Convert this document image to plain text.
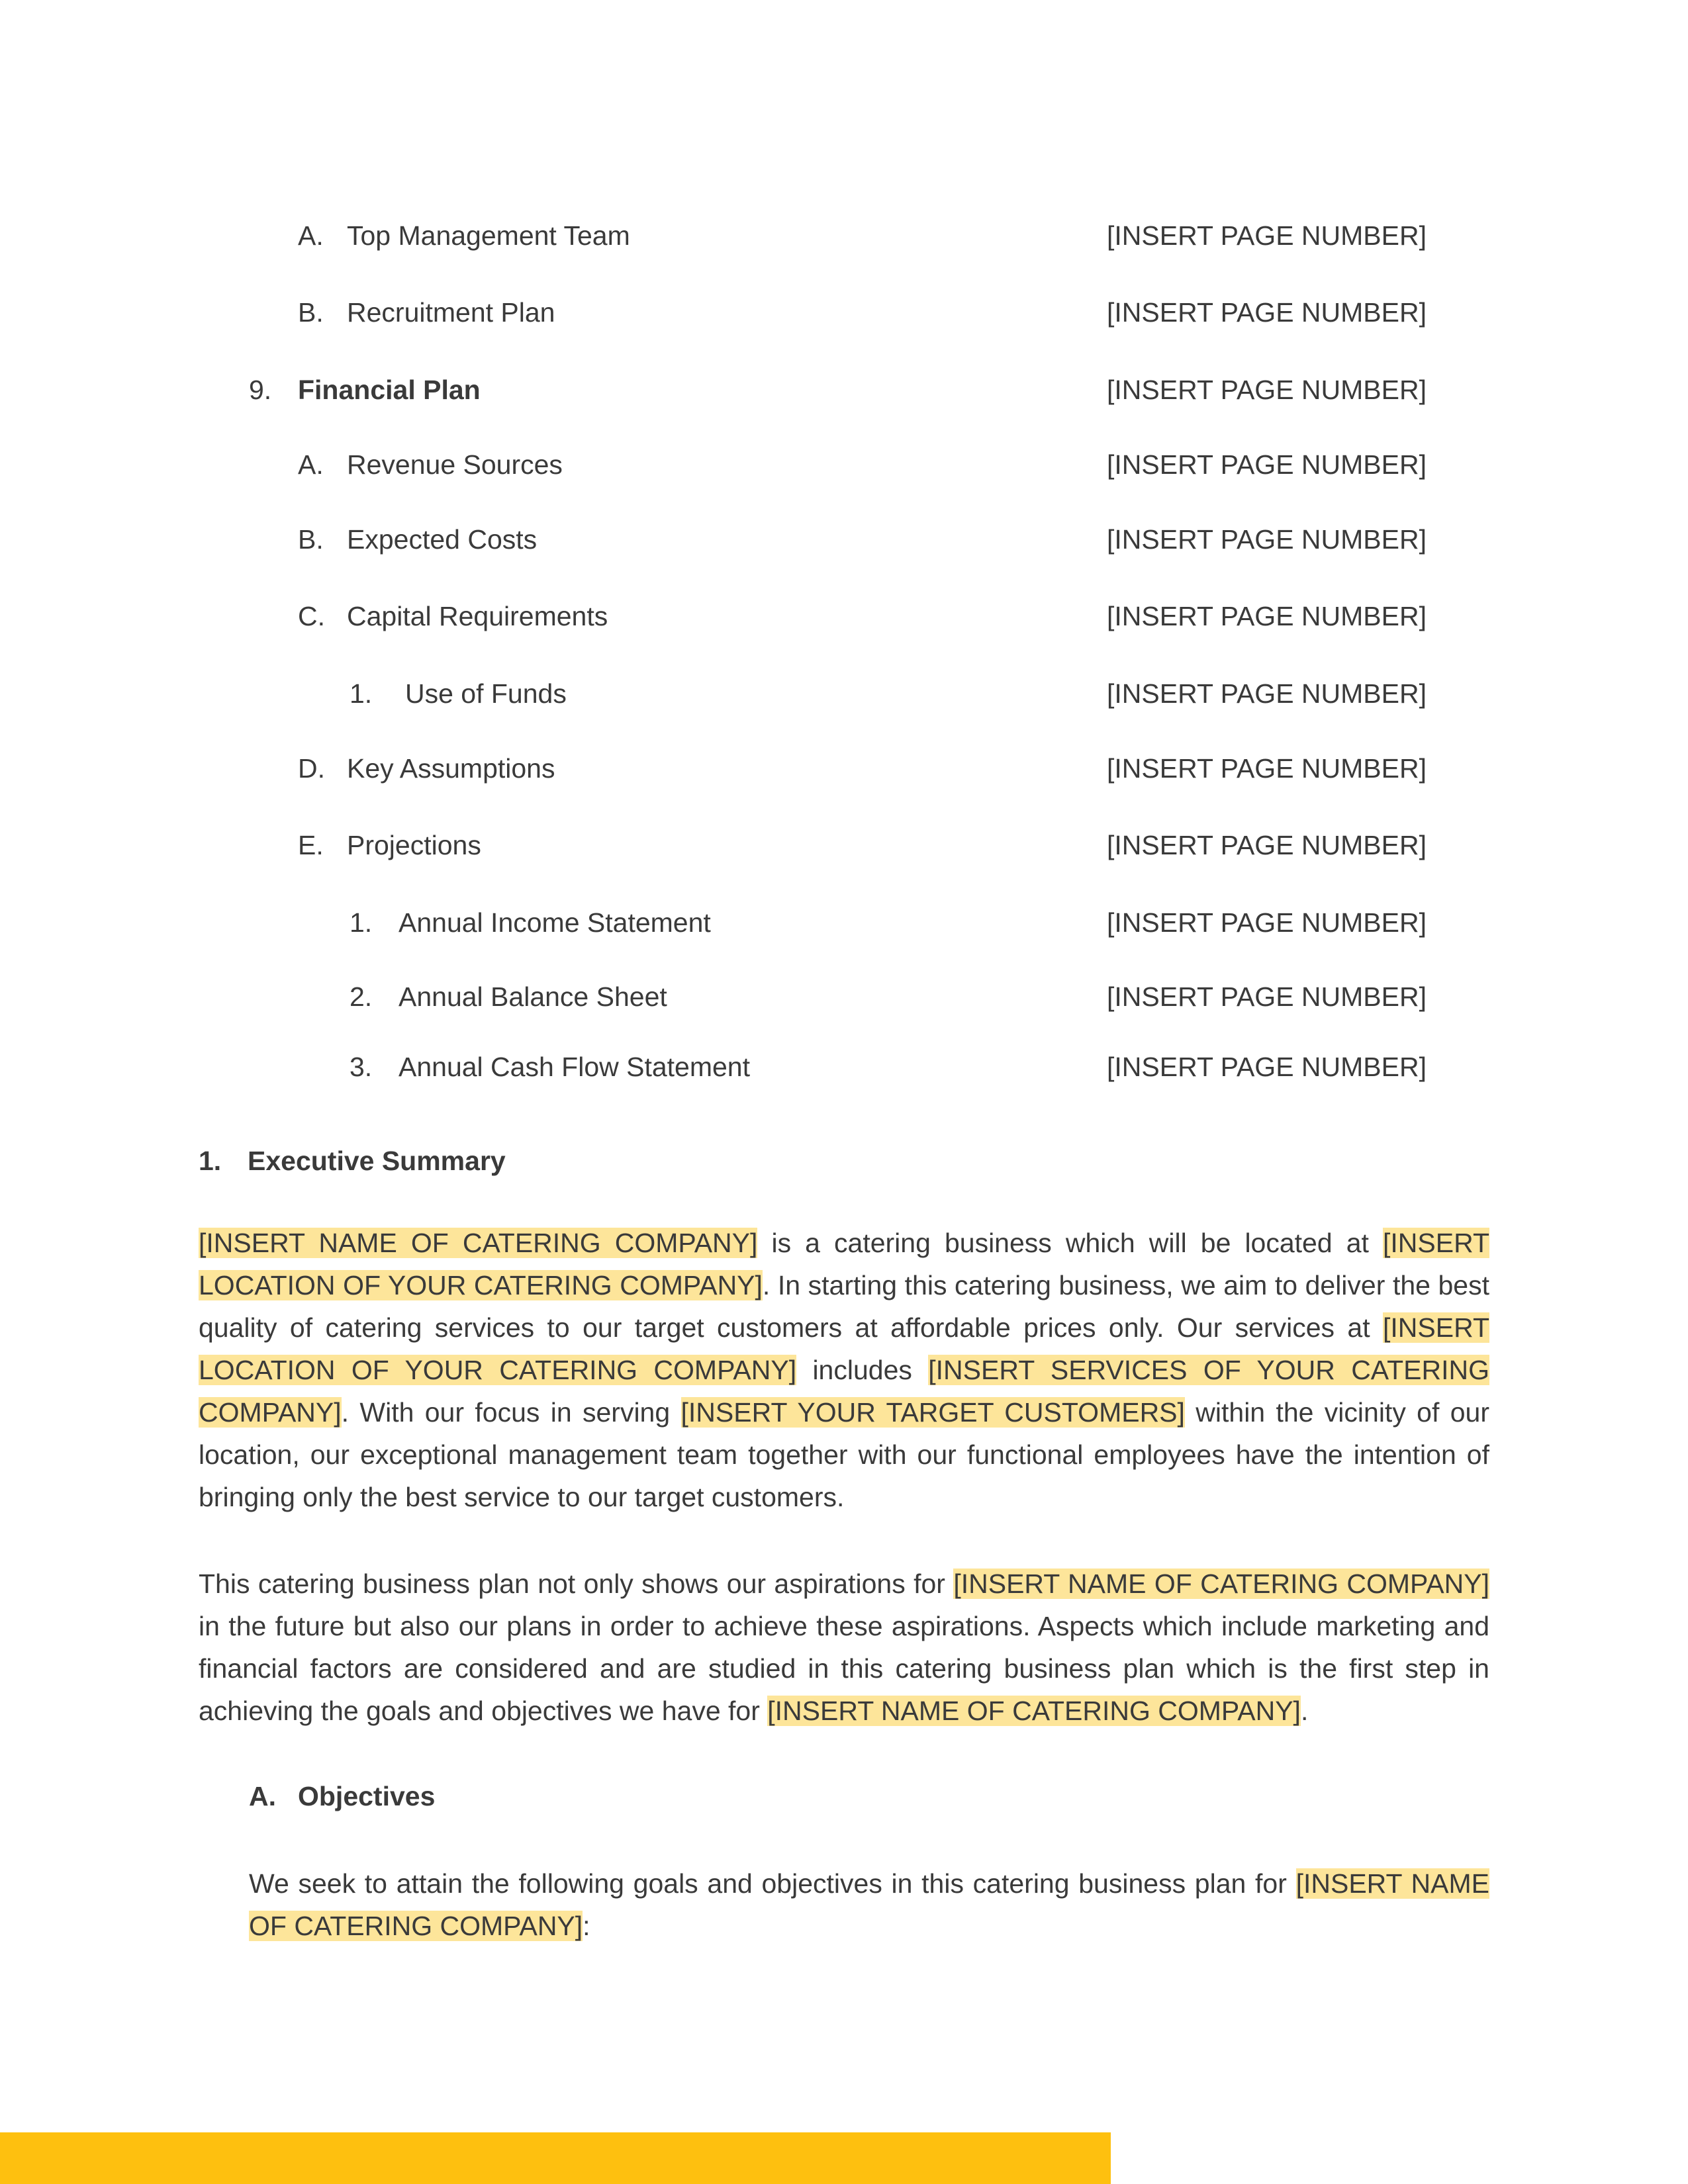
A. Top Management Team	[INSERT PAGE NUMBER]
B. Recruitment Plan	[INSERT PAGE NUMBER]
9. Financial Plan	[INSERT PAGE NUMBER]
A. Revenue Sources	[INSERT PAGE NUMBER]
B. Expected Costs	[INSERT PAGE NUMBER]
C. Capital Requirements	[INSERT PAGE NUMBER]
1. Use of Funds	[INSERT PAGE NUMBER]
D. Key Assumptions	[INSERT PAGE NUMBER]
E. Projections	[INSERT PAGE NUMBER]
1. Annual Income Statement	[INSERT PAGE NUMBER]
2. Annual Balance Sheet	[INSERT PAGE NUMBER]
3. Annual Cash Flow Statement	[INSERT PAGE NUMBER]
1. Executive Summary

[INSERT NAME OF CATERING COMPANY] is a catering business which will be located at [INSERT LOCATION OF YOUR CATERING COMPANY]. In starting this catering business, we aim to deliver the best quality of catering services to our target customers at affordable prices only. Our services at [INSERT LOCATION OF YOUR CATERING COMPANY] includes [INSERT SERVICES OF YOUR CATERING COMPANY]. With our focus in serving [INSERT YOUR TARGET CUSTOMERS] within the vicinity of our location, our exceptional management team together with our functional employees have the intention of bringing only the best service to our target customers.

This catering business plan not only shows our aspirations for [INSERT NAME OF CATERING COMPANY] in the future but also our plans in order to achieve these aspirations. Aspects which include marketing and financial factors are considered and are studied in this catering business plan which is the first step in achieving the goals and objectives we have for [INSERT NAME OF CATERING COMPANY].

A. Objectives

We seek to attain the following goals and objectives in this catering business plan for [INSERT NAME OF CATERING COMPANY]:
